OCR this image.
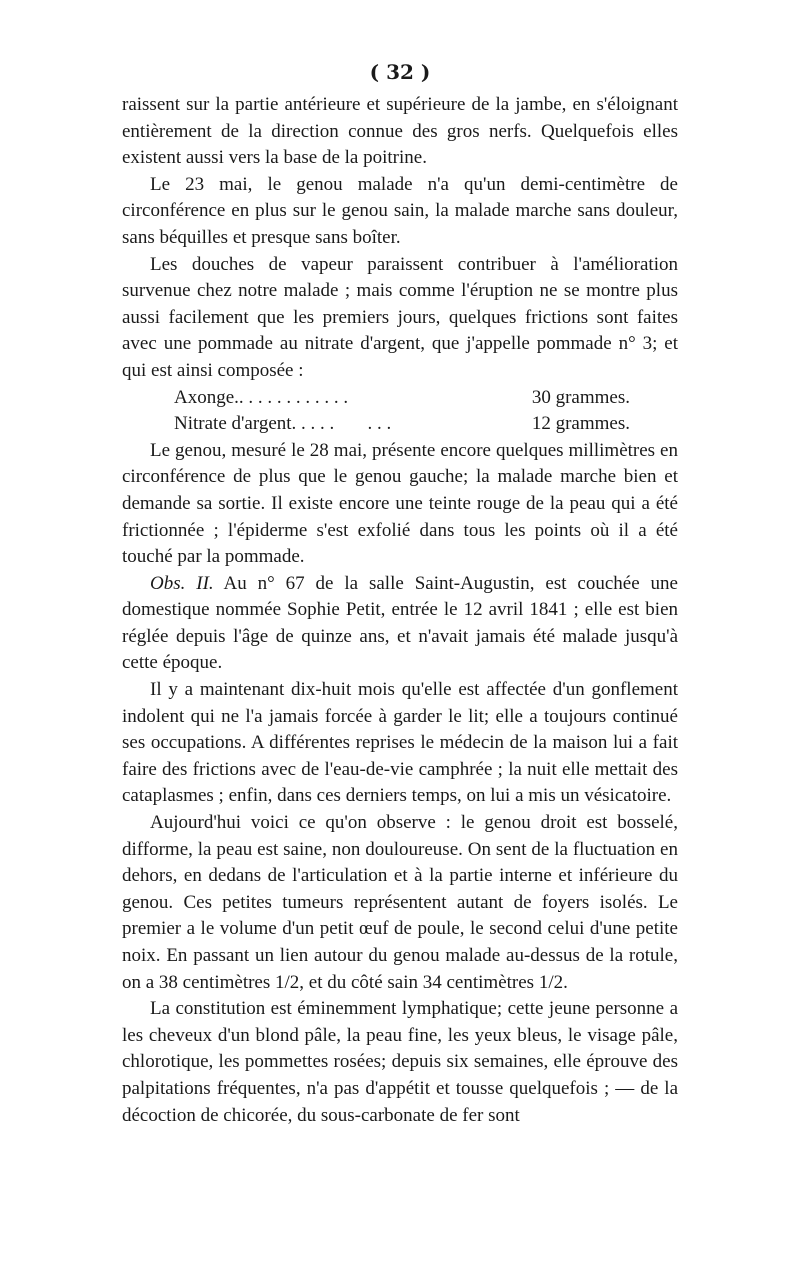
( 32 )

raissent sur la partie antérieure et supérieure de la jambe, en s'éloignant entièrement de la direction connue des gros nerfs. Quelquefois elles existent aussi vers la base de la poitrine.

Le 23 mai, le genou malade n'a qu'un demi-centimètre de circonférence en plus sur le genou sain, la malade marche sans douleur, sans béquilles et presque sans boîter.

Les douches de vapeur paraissent contribuer à l'amélioration survenue chez notre malade ; mais comme l'éruption ne se montre plus aussi facilement que les premiers jours, quelques frictions sont faites avec une pommade au nitrate d'argent, que j'appelle pommade n° 3; et qui est ainsi composée :

Axonge.. . . . . . . . . . . .	30 grammes.
Nitrate d'argent. . . . .       . . .	12 grammes.

Le genou, mesuré le 28 mai, présente encore quelques millimètres en circonférence de plus que le genou gauche; la malade marche bien et demande sa sortie. Il existe encore une teinte rouge de la peau qui a été frictionnée ; l'épiderme s'est exfolié dans tous les points où il a été touché par la pommade.

Obs. II. Au n° 67 de la salle Saint-Augustin, est couchée une domestique nommée Sophie Petit, entrée le 12 avril 1841 ; elle est bien réglée depuis l'âge de quinze ans, et n'avait jamais été malade jusqu'à cette époque.

Il y a maintenant dix-huit mois qu'elle est affectée d'un gonflement indolent qui ne l'a jamais forcée à garder le lit; elle a toujours continué ses occupations. A différentes reprises le médecin de la maison lui a fait faire des frictions avec de l'eau-de-vie camphrée ; la nuit elle mettait des cataplasmes ; enfin, dans ces derniers temps, on lui a mis un vésicatoire.

Aujourd'hui voici ce qu'on observe : le genou droit est bosselé, difforme, la peau est saine, non douloureuse. On sent de la fluctuation en dehors, en dedans de l'articulation et à la partie interne et inférieure du genou. Ces petites tumeurs représentent autant de foyers isolés. Le premier a le volume d'un petit œuf de poule, le second celui d'une petite noix. En passant un lien autour du genou malade au-dessus de la rotule, on a 38 centimètres 1/2, et du côté sain 34 centimètres 1/2.

La constitution est éminemment lymphatique; cette jeune personne a les cheveux d'un blond pâle, la peau fine, les yeux bleus, le visage pâle, chlorotique, les pommettes rosées; depuis six semaines, elle éprouve des palpitations fréquentes, n'a pas d'appétit et tousse quelquefois ; — de la décoction de chicorée, du sous-carbonate de fer sont
